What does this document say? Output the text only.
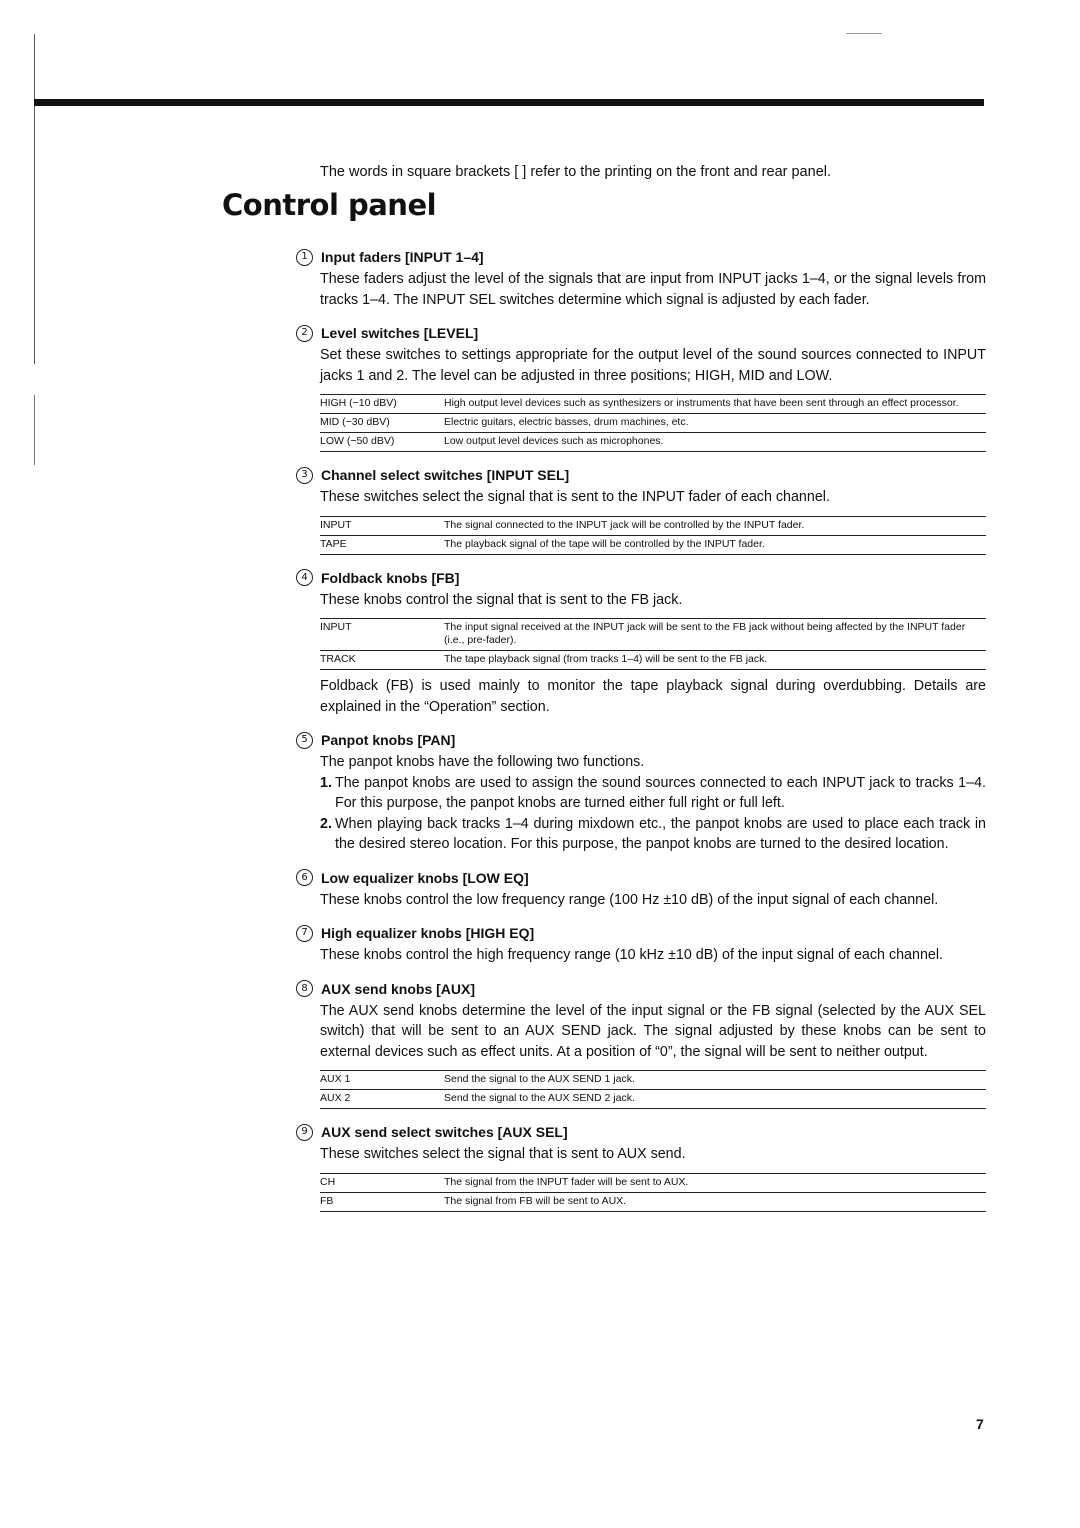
The words in square brackets [ ] refer to the printing on the front and rear panel.

Control panel
1 Input faders [INPUT 1–4]

These faders adjust the level of the signals that are input from INPUT jacks 1–4, or the signal levels from tracks 1–4. The INPUT SEL switches determine which signal is adjusted by each fader.

2 Level switches [LEVEL]

Set these switches to settings appropriate for the output level of the sound sources connected to INPUT jacks 1 and 2. The level can be adjusted in three positions; HIGH, MID and LOW.

HIGH (−10 dBV)	High output level devices such as synthesizers or instruments that have been sent through an effect processor.
MID (−30 dBV)	Electric guitars, electric basses, drum machines, etc.
LOW (−50 dBV)	Low output level devices such as microphones.
3 Channel select switches [INPUT SEL]

These switches select the signal that is sent to the INPUT fader of each channel.

INPUT	The signal connected to the INPUT jack will be controlled by the INPUT fader.
TAPE	The playback signal of the tape will be controlled by the INPUT fader.
4 Foldback knobs [FB]

These knobs control the signal that is sent to the FB jack.

INPUT	The input signal received at the INPUT jack will be sent to the FB jack without being affected by the INPUT fader (i.e., pre-fader).
TRACK	The tape playback signal (from tracks 1–4) will be sent to the FB jack.

Foldback (FB) is used mainly to monitor the tape playback signal during overdubbing. Details are explained in the “Operation” section.

5 Panpot knobs [PAN]

The panpot knobs have the following two functions.

1. The panpot knobs are used to assign the sound sources connected to each INPUT jack to tracks 1–4. For this purpose, the panpot knobs are turned either full right or full left.
2. When playing back tracks 1–4 during mixdown etc., the panpot knobs are used to place each track in the desired stereo location. For this purpose, the panpot knobs are turned to the desired location.
6 Low equalizer knobs [LOW EQ]

These knobs control the low frequency range (100 Hz ±10 dB) of the input signal of each channel.

7 High equalizer knobs [HIGH EQ]

These knobs control the high frequency range (10 kHz ±10 dB) of the input signal of each channel.

8 AUX send knobs [AUX]

The AUX send knobs determine the level of the input signal or the FB signal (selected by the AUX SEL switch) that will be sent to an AUX SEND jack. The signal adjusted by these knobs can be sent to external devices such as effect units. At a position of “0”, the signal will be sent to neither output.

AUX 1	Send the signal to the AUX SEND 1 jack.
AUX 2	Send the signal to the AUX SEND 2 jack.
9 AUX send select switches [AUX SEL]

These switches select the signal that is sent to AUX send.

CH	The signal from the INPUT fader will be sent to AUX.
FB	The signal from FB will be sent to AUX.
7
